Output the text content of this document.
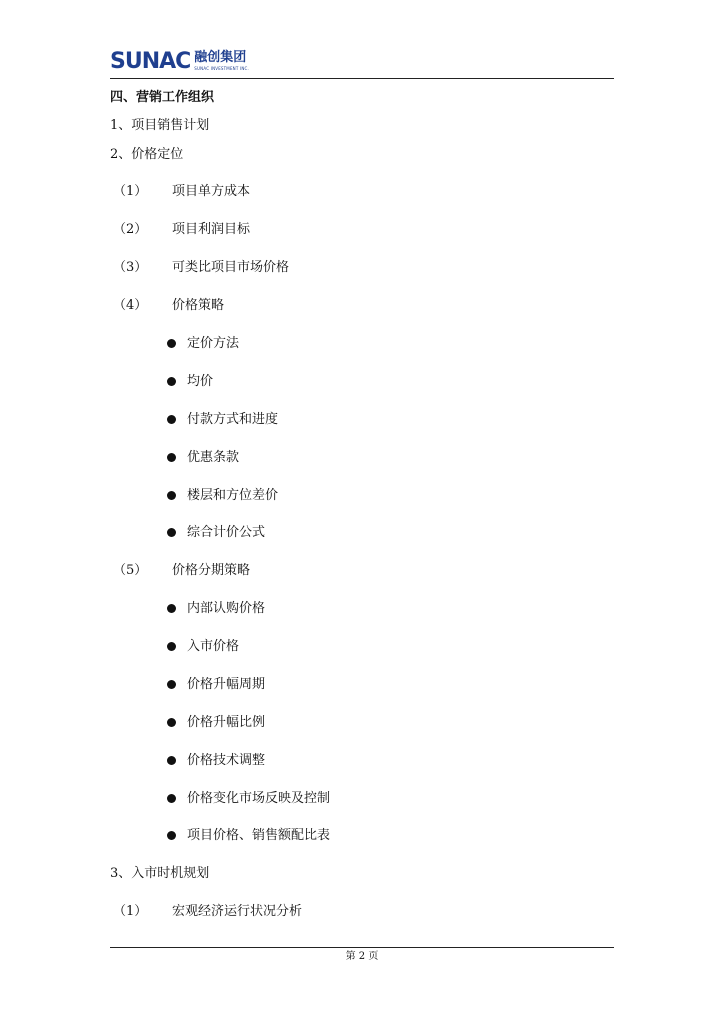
SUNAC 融创集团
SUNAC INVESTMENT INC.
四、营销工作组织
1、项目销售计划
2、价格定位
（1） 项目单方成本
（2） 项目利润目标
（3） 可类比项目市场价格
（4） 价格策略
定价方法
均价
付款方式和进度
优惠条款
楼层和方位差价
综合计价公式
（5） 价格分期策略
内部认购价格
入市价格
价格升幅周期
价格升幅比例
价格技术调整
价格变化市场反映及控制
项目价格、销售额配比表
3、入市时机规划
（1） 宏观经济运行状况分析
第 2 页
